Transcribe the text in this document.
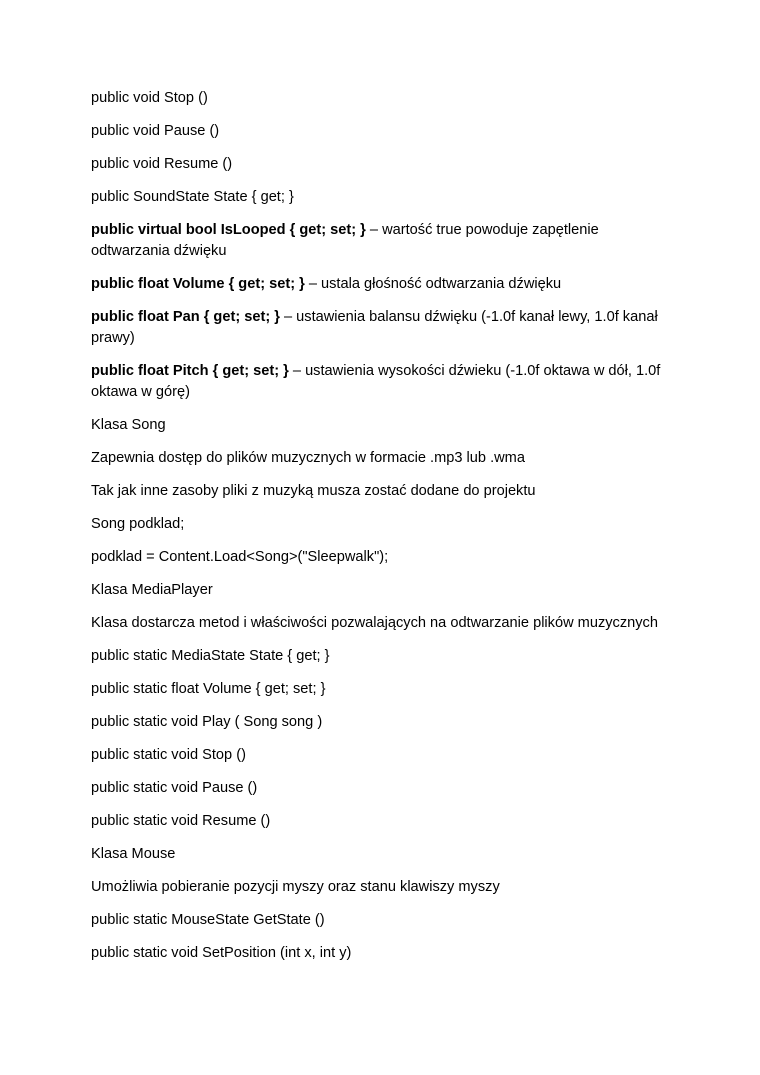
public void Stop ()

public void Pause ()

public void Resume ()

public SoundState State { get; }

public virtual bool IsLooped { get; set; } – wartość true powoduje zapętlenie odtwarzania dźwięku

public float Volume { get; set; } – ustala głośność odtwarzania dźwięku

public float Pan { get; set; } – ustawienia balansu dźwięku (-1.0f kanał lewy, 1.0f kanał prawy)

public float Pitch { get; set; } – ustawienia wysokości dźwieku (-1.0f oktawa w dół, 1.0f oktawa w górę)

Klasa Song

Zapewnia dostęp do plików muzycznych w formacie .mp3 lub .wma

Tak jak inne zasoby pliki z muzyką musza zostać dodane do projektu

Song podklad;

podklad = Content.Load<Song>("Sleepwalk");

Klasa MediaPlayer

Klasa dostarcza metod i właściwości pozwalających na odtwarzanie plików muzycznych

public static MediaState State { get; }

public static float Volume { get; set; }

public static void Play ( Song song )

public static void Stop ()

public static void Pause ()

public static void Resume ()

Klasa Mouse

Umożliwia pobieranie pozycji myszy oraz stanu klawiszy myszy

public static MouseState GetState ()

public static void SetPosition (int x, int y)
